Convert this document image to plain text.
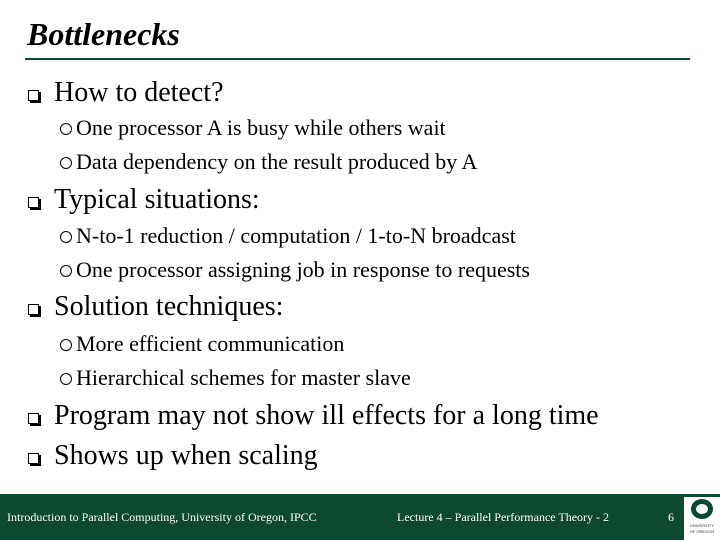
Bottlenecks
How to detect?
One processor A is busy while others wait
Data dependency on the result produced by A
Typical situations:
N-to-1 reduction / computation / 1-to-N broadcast
One processor assigning job in response to requests
Solution techniques:
More efficient communication
Hierarchical schemes for master slave
Program may not show ill effects for a long time
Shows up when scaling
Introduction to Parallel Computing, University of Oregon, IPCC	Lecture 4 – Parallel Performance Theory - 2	6
UNIVERSITY
OF OREGON
